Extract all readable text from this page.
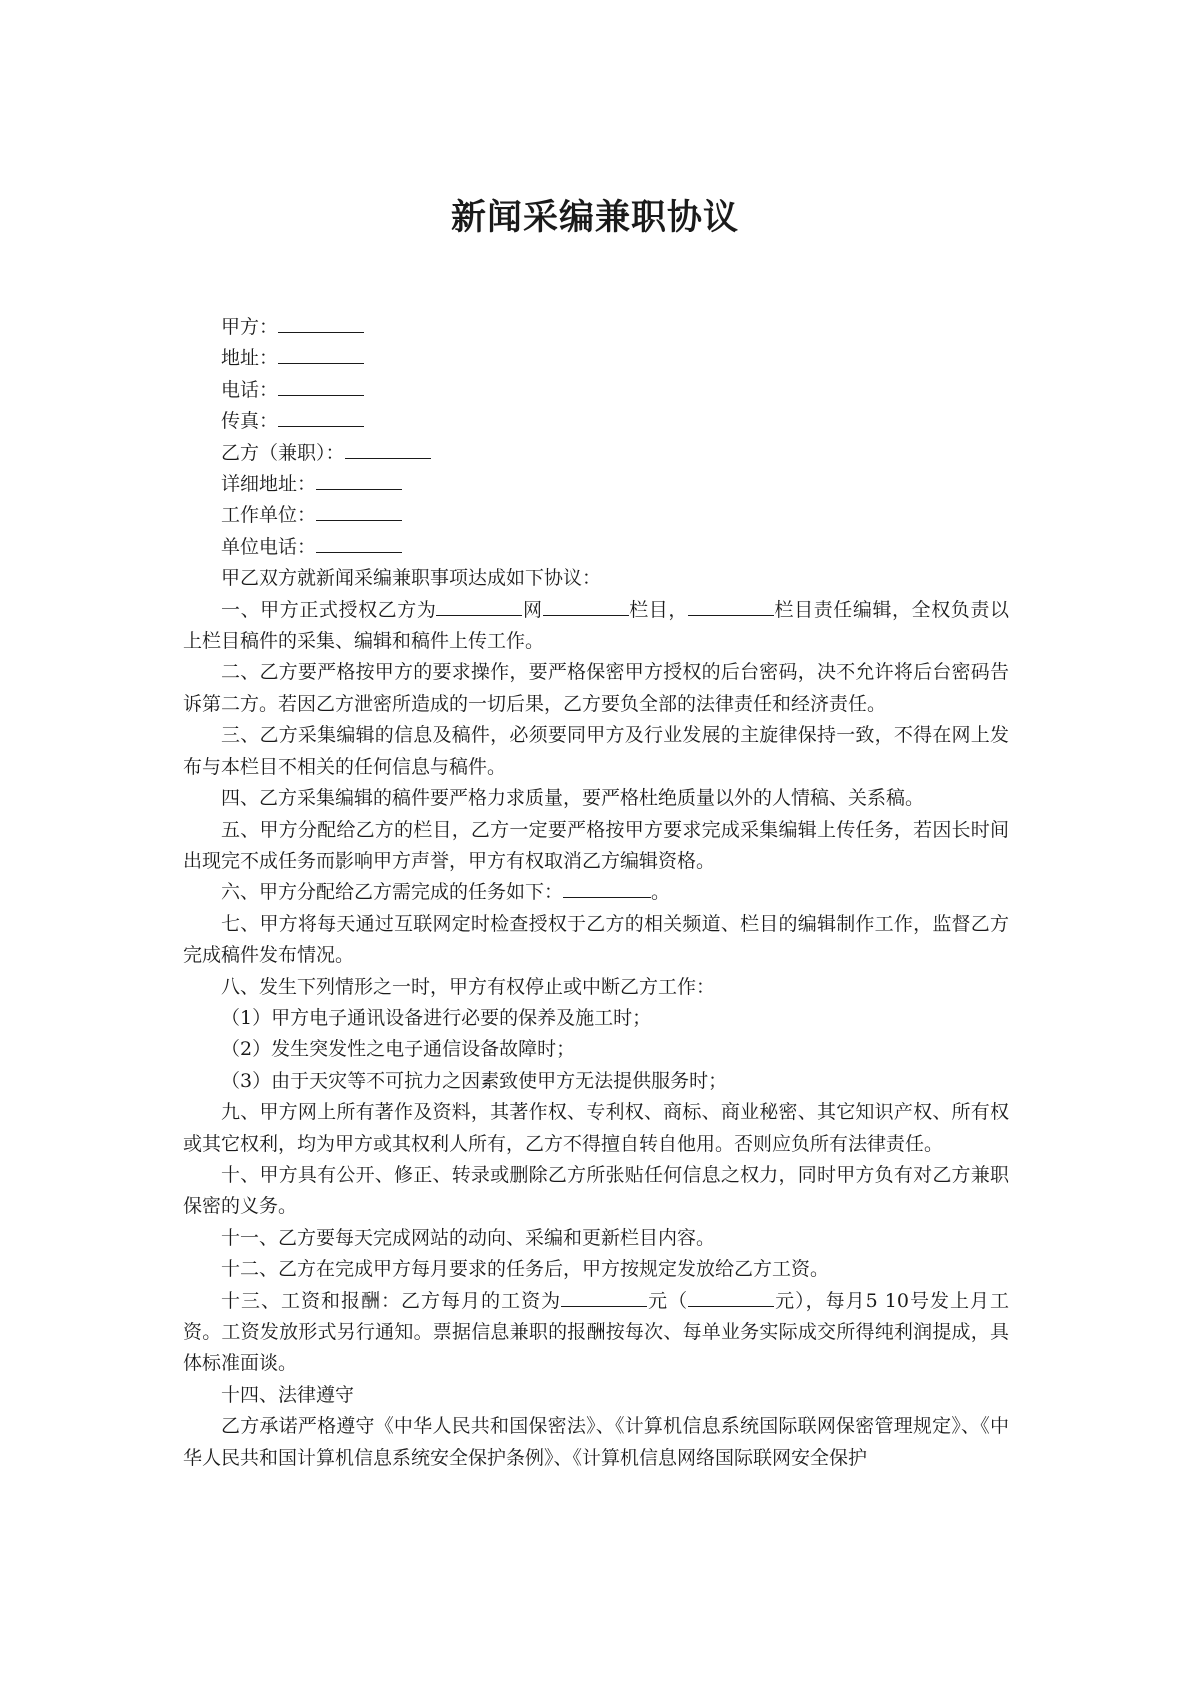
新闻采编兼职协议

甲方：

地址：

电话：

传真：

乙方（兼职）：

详细地址：

工作单位：

单位电话：

甲乙双方就新闻采编兼职事项达成如下协议：

一、甲方正式授权乙方为	网	栏目，	栏目责任编辑，全权负责以上栏目稿件的采集、编辑和稿件上传工作。

二、乙方要严格按甲方的要求操作，要严格保密甲方授权的后台密码，决不允许将后台密码告诉第二方。若因乙方泄密所造成的一切后果，乙方要负全部的法律责任和经济责任。

三、乙方采集编辑的信息及稿件，必须要同甲方及行业发展的主旋律保持一致，不得在网上发布与本栏目不相关的任何信息与稿件。

四、乙方采集编辑的稿件要严格力求质量，要严格杜绝质量以外的人情稿、关系稿。

五、甲方分配给乙方的栏目，乙方一定要严格按甲方要求完成采集编辑上传任务，若因长时间出现完不成任务而影响甲方声誉，甲方有权取消乙方编辑资格。

六、甲方分配给乙方需完成的任务如下：	。

七、甲方将每天通过互联网定时检查授权于乙方的相关频道、栏目的编辑制作工作，监督乙方完成稿件发布情况。

八、发生下列情形之一时，甲方有权停止或中断乙方工作：

（1）甲方电子通讯设备进行必要的保养及施工时；

（2）发生突发性之电子通信设备故障时；

（3）由于天灾等不可抗力之因素致使甲方无法提供服务时；

九、甲方网上所有著作及资料，其著作权、专利权、商标、商业秘密、其它知识产权、所有权或其它权利，均为甲方或其权利人所有，乙方不得擅自转自他用。否则应负所有法律责任。

十、甲方具有公开、修正、转录或删除乙方所张贴任何信息之权力，同时甲方负有对乙方兼职保密的义务。

十一、乙方要每天完成网站的动向、采编和更新栏目内容。

十二、乙方在完成甲方每月要求的任务后，甲方按规定发放给乙方工资。

十三、工资和报酬：乙方每月的工资为	元（	元），每月5 10号发上月工资。工资发放形式另行通知。票据信息兼职的报酬按每次、每单业务实际成交所得纯利润提成，具体标准面谈。

十四、法律遵守

乙方承诺严格遵守《中华人民共和国保密法》、《计算机信息系统国际联网保密管理规定》、《中华人民共和国计算机信息系统安全保护条例》、《计算机信息网络国际联网安全保护
